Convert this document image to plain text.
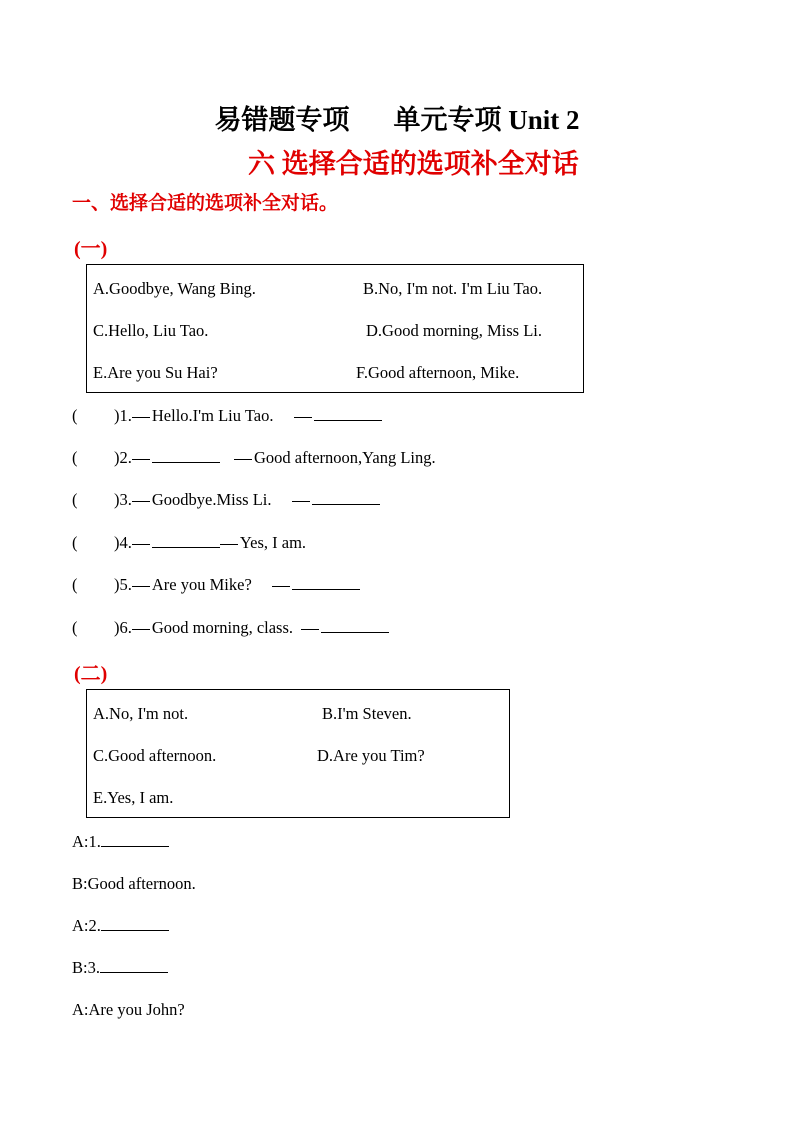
易错题专项 单元专项 Unit 2
六 选择合适的选项补全对话
一、选择合适的选项补全对话。
(一)
A.Goodbye, Wang Bing.	B.No, I'm not. I'm Liu Tao.
C.Hello, Liu Tao.	D.Good morning, Miss Li.
E.Are you Su Hai?	F.Good afternoon, Mike.
( )1. Hello.I'm Liu Tao.
( )2.	Good afternoon,Yang Ling.
( )3. Goodbye.Miss Li.
( )4.	Yes, I am.
( )5. Are you Mike?
( )6. Good morning, class.
(二)
A.No, I'm not.	B.I'm Steven.
C.Good afternoon.	D.Are you Tim?
E.Yes, I am.
A:1.
B:Good afternoon.
A:2.
B:3.
A:Are you John?
